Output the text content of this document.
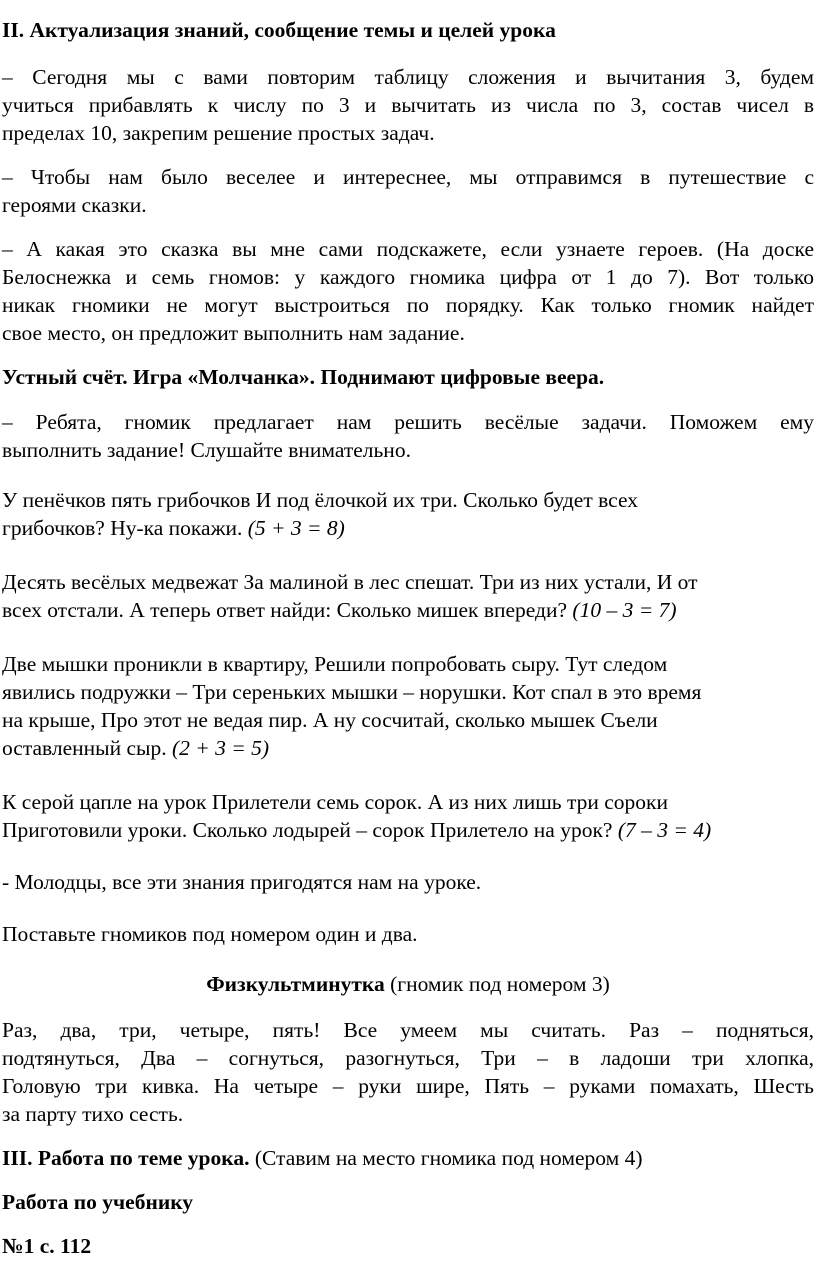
II. Актуализация знаний, сообщение темы и целей урока
– Сегодня мы с вами повторим таблицу сложения и вычитания 3, будем
учиться прибавлять к числу по 3 и вычитать из числа по 3, состав чисел в
пределах 10, закрепим решение простых задач.
– Чтобы нам было веселее и интереснее, мы отправимся в путешествие с
героями сказки.
– А какая это сказка вы мне сами подскажете, если узнаете героев. (На доске
Белоснежка и семь гномов: у каждого гномика цифра от 1 до 7). Вот только
никак гномики не могут выстроиться по порядку. Как только гномик найдет
свое место, он предложит выполнить нам задание.
Устный счёт. Игра «Молчанка». Поднимают цифровые веера.
– Ребята, гномик предлагает нам решить весёлые задачи. Поможем ему
выполнить задание! Слушайте внимательно.
У пенёчков пять грибочков И под ёлочкой их три. Сколько будет всех
грибочков? Ну-ка покажи. (5 + 3 = 8)
Десять весёлых медвежат За малиной в лес спешат. Три из них устали, И от
всех отстали. А теперь ответ найди: Сколько мишек впереди? (10 – 3 = 7)
Две мышки проникли в квартиру, Решили попробовать сыру. Тут следом
явились подружки – Три сереньких мышки – норушки. Кот спал в это время
на крыше, Про этот не ведая пир. А ну сосчитай, сколько мышек Съели
оставленный сыр. (2 + 3 = 5)
К серой цапле на урок Прилетели семь сорок. А из них лишь три сороки
Приготовили уроки. Сколько лодырей – сорок Прилетело на урок? (7 – 3 = 4)
- Молодцы, все эти знания пригодятся нам на уроке.
Поставьте гномиков под номером один и два.
Физкультминутка (гномик под номером 3)
Раз, два, три, четыре, пять! Все умеем мы считать. Раз – подняться,
подтянуться, Два – согнуться, разогнуться, Три – в ладоши три хлопка,
Головую три кивка. На четыре – руки шире, Пять – руками помахать, Шесть
за парту тихо сесть.
III. Работа по теме урока. (Ставим на место гномика под номером 4)
Работа по учебнику
№1 с. 112
